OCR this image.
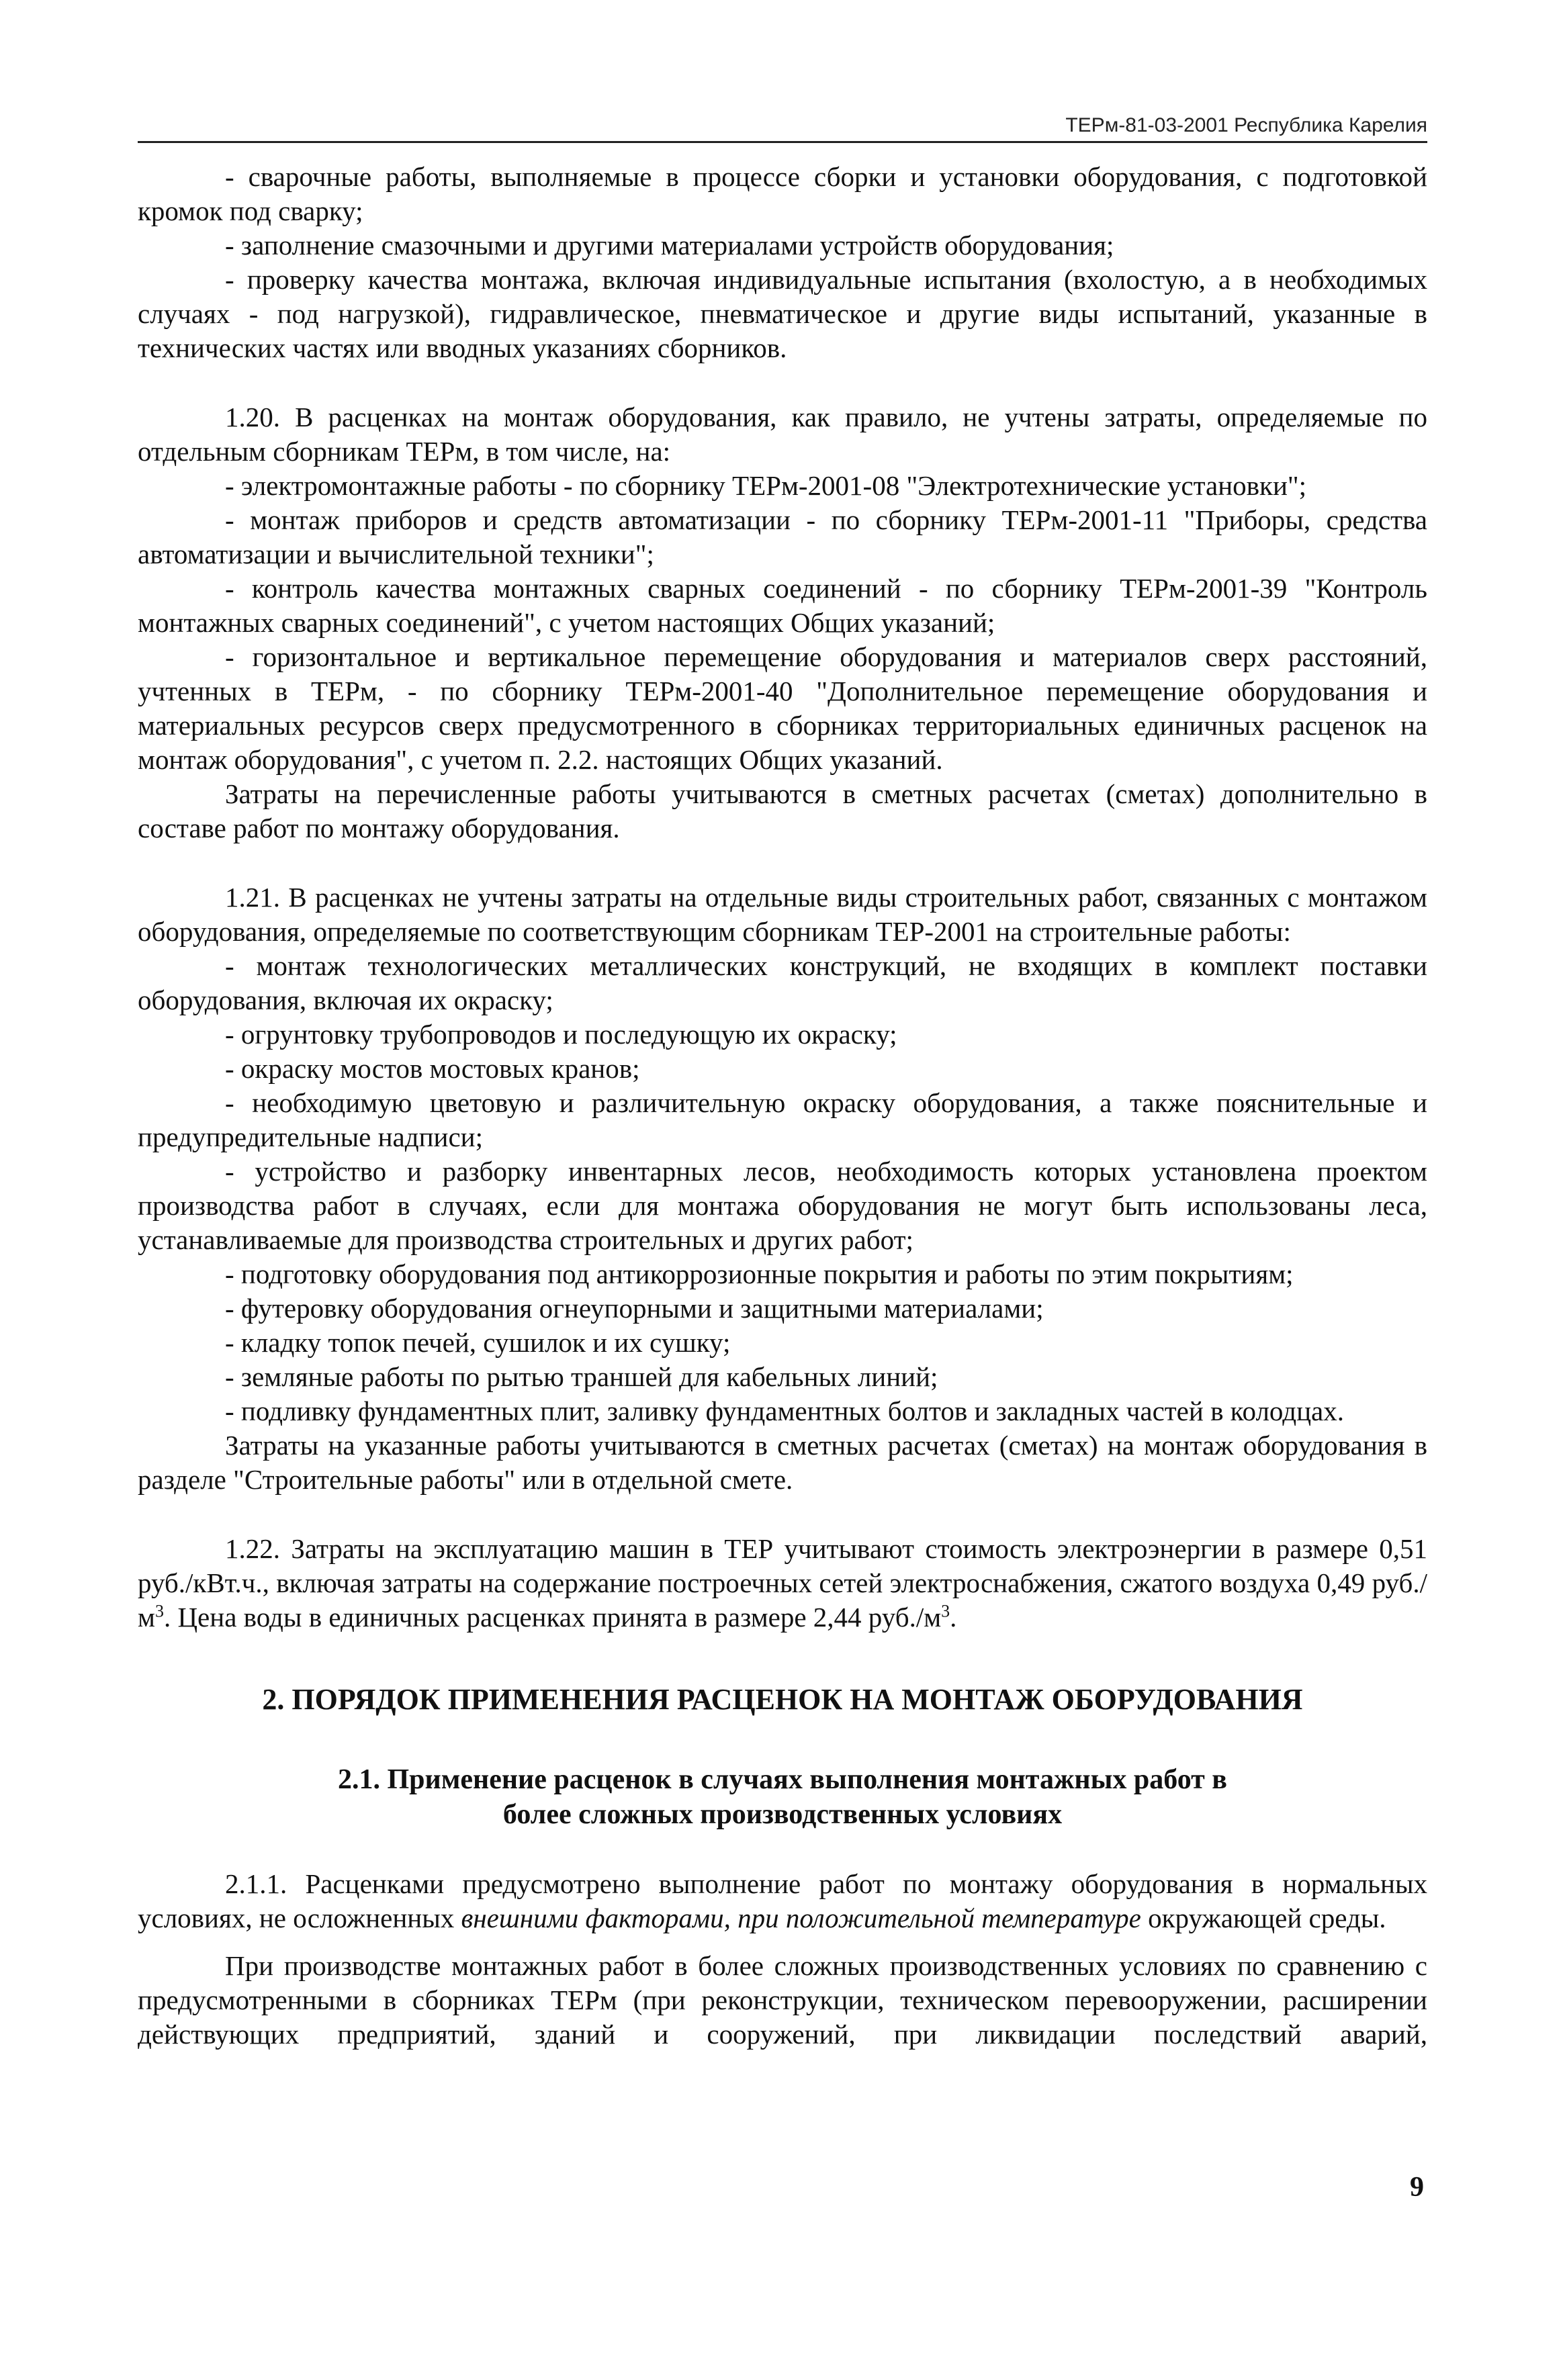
ТЕРм-81-03-2001 Республика Карелия

- сварочные работы, выполняемые в процессе сборки и установки оборудования, с подготовкой кромок под сварку;

- заполнение смазочными и другими материалами устройств оборудования;

- проверку качества монтажа, включая индивидуальные испытания (вхолостую, а в необходимых случаях - под нагрузкой), гидравлическое, пневматическое и другие виды испытаний, указанные в технических частях или вводных указаниях сборников.

1.20. В расценках на монтаж оборудования, как правило, не учтены затраты, определяемые по отдельным сборникам ТЕРм, в том числе, на:

- электромонтажные работы - по сборнику ТЕРм-2001-08 "Электротехнические установки";

- монтаж приборов и средств автоматизации - по сборнику ТЕРм-2001-11 "Приборы, средства автоматизации и вычислительной техники";

- контроль качества монтажных сварных соединений - по сборнику ТЕРм-2001-39 "Контроль монтажных сварных соединений", с учетом настоящих Общих указаний;

- горизонтальное и вертикальное перемещение оборудования и материалов сверх расстояний, учтенных в ТЕРм, - по сборнику ТЕРм-2001-40 "Дополнительное перемещение оборудования и материальных ресурсов сверх предусмотренного в сборниках территориальных единичных расценок на монтаж оборудования", с учетом п. 2.2. настоящих Общих указаний.

Затраты на перечисленные работы учитываются в сметных расчетах (сметах) дополнительно в составе работ по монтажу оборудования.

1.21. В расценках не учтены затраты на отдельные виды строительных работ, связанных с монтажом оборудования, определяемые по соответствующим сборникам ТЕР-2001 на строительные работы:

- монтаж технологических металлических конструкций, не входящих в комплект поставки оборудования, включая их окраску;

- огрунтовку трубопроводов и последующую их окраску;

- окраску мостов мостовых кранов;

- необходимую цветовую и различительную окраску оборудования, а также пояснительные и предупредительные надписи;

- устройство и разборку инвентарных лесов, необходимость которых установлена проектом производства работ в случаях, если для монтажа оборудования не могут быть использованы леса, устанавливаемые для производства строительных и других работ;

- подготовку оборудования под антикоррозионные покрытия и работы по этим покрытиям;

- футеровку оборудования огнеупорными и защитными материалами;

- кладку топок печей, сушилок и их сушку;

- земляные работы по рытью траншей для кабельных линий;

- подливку фундаментных плит, заливку фундаментных болтов и закладных частей в колодцах.

Затраты на указанные работы учитываются в сметных расчетах (сметах) на монтаж оборудования в разделе "Строительные работы" или в отдельной смете.

1.22. Затраты на эксплуатацию машин в ТЕР учитывают стоимость электроэнергии в размере 0,51 руб./кВт.ч., включая затраты на содержание построечных сетей электроснабжения, сжатого воздуха 0,49 $руб./м^3$. Цена воды в единичных расценках принята в размере 2,44 $руб./м^3$.

2. ПОРЯДОК ПРИМЕНЕНИЯ РАСЦЕНОК НА МОНТАЖ ОБОРУДОВАНИЯ
2.1. Применение расценок в случаях выполнения монтажных работ в
более сложных производственных условиях

2.1.1. Расценками предусмотрено выполнение работ по монтажу оборудования в нормальных условиях, не осложненных внешними факторами, при положительной температуре окружающей среды.

При производстве монтажных работ в более сложных производственных условиях по сравнению с предусмотренными в сборниках ТЕРм (при реконструкции, техническом перевооружении, расширении действующих предприятий, зданий и сооружений, при ликвидации последствий аварий,

9
